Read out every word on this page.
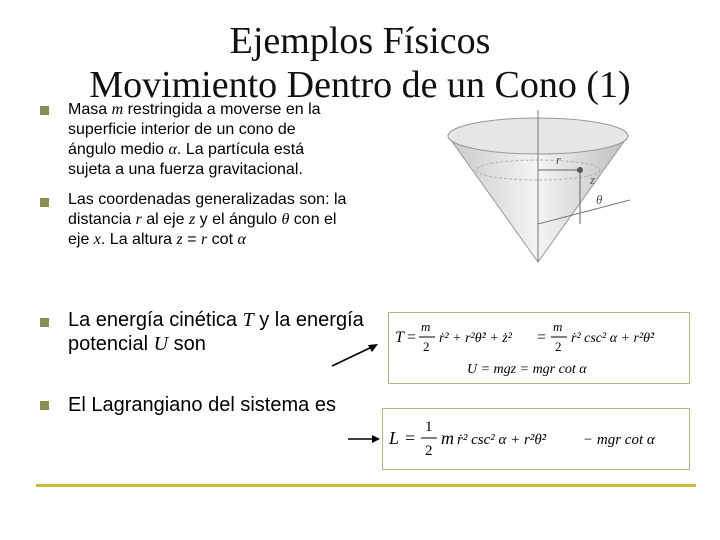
Ejemplos Físicos
Movimiento Dentro de un Cono (1)
Masa m restringida a moverse en la superficie interior de un cono de ángulo medio α. La partícula está sujeta a una fuerza gravitacional.
Las coordenadas generalizadas son: la distancia r al eje z y el ángulo θ con el eje x. La altura z = r cot α
La energía cinética T y la energía potencial U son
El Lagrangiano del sistema es
z
r
θ
T =
m
2
ṙ² + r²θ̇² + ż² =
m
2
ṙ² csc² α + r²θ̇²
U = mgz = mgr cot α
L =
1
2
m ṙ² csc² α + r²θ̇² − mgr cot α
